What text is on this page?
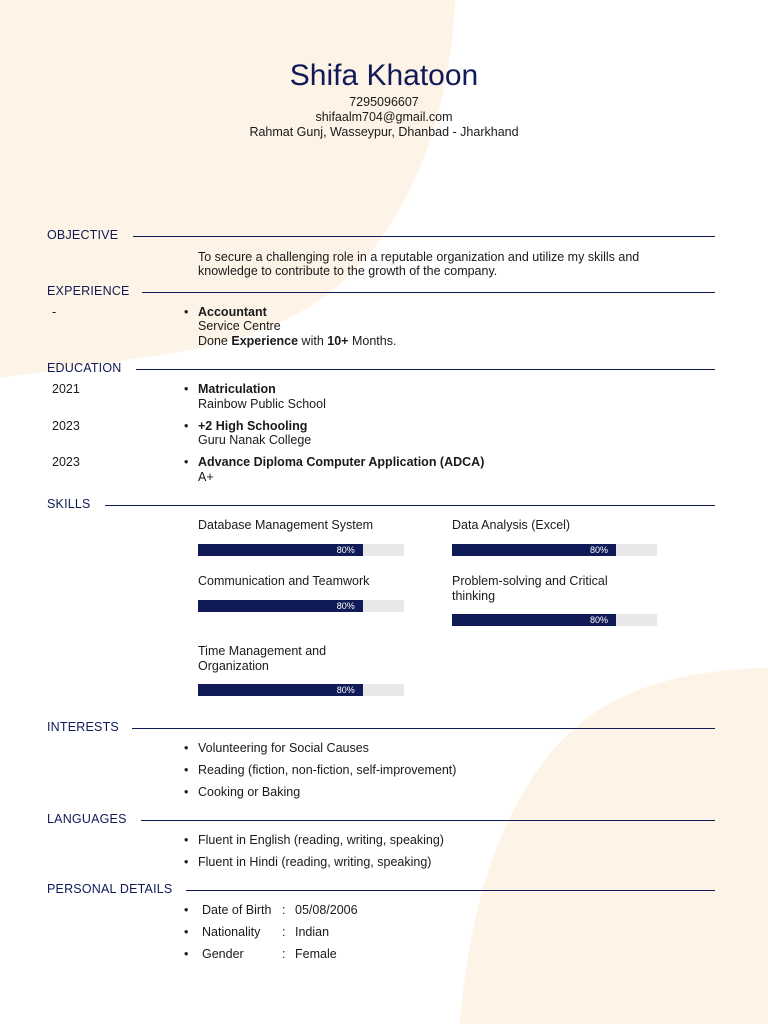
Shifa Khatoon
7295096607
shifaalm704@gmail.com
Rahmat Gunj, Wasseypur, Dhanbad - Jharkhand
OBJECTIVE
To secure a challenging role in a reputable organization and utilize my skills and
knowledge to contribute to the growth of the company.
EXPERIENCE
-	• Accountant
Service Centre
Done Experience with 10+ Months.
EDUCATION
2021	• Matriculation
Rainbow Public School
2023	• +2 High Schooling
Guru Nanak College
2023	• Advance Diploma Computer Application (ADCA)
A+
SKILLS
Database Management System
80%
Data Analysis (Excel)
80%
Communication and Teamwork
80%
Problem-solving and Critical
thinking
80%
Time Management and
Organization
80%
INTERESTS
• Volunteering for Social Causes
• Reading (fiction, non-fiction, self-improvement)
• Cooking or Baking
LANGUAGES
• Fluent in English (reading, writing, speaking)
• Fluent in Hindi (reading, writing, speaking)
PERSONAL DETAILS
• Date of Birth : 05/08/2006
• Nationality : Indian
• Gender	: Female
